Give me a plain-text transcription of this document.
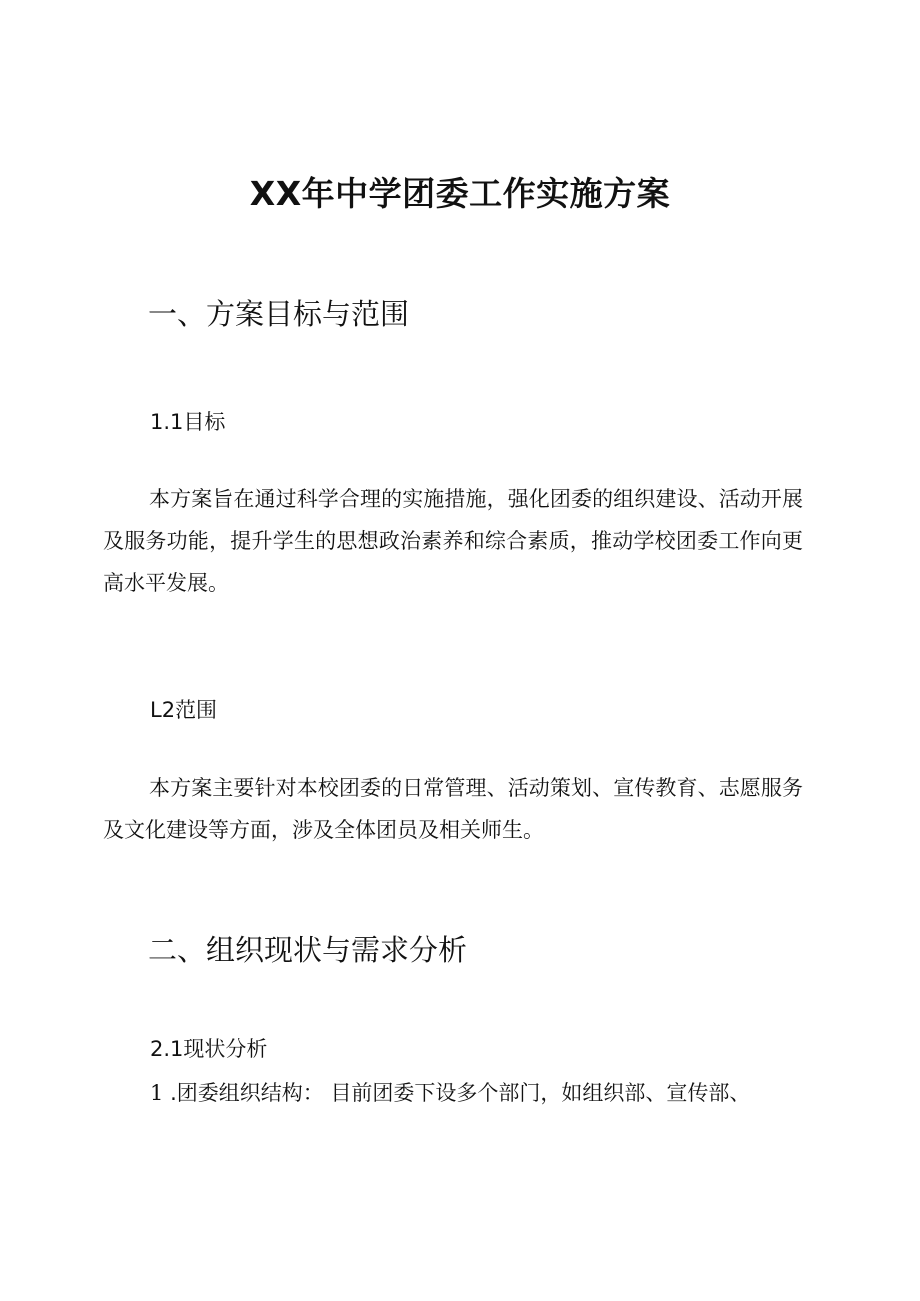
XX年中学团委工作实施方案
一、方案目标与范围
1.1目标

本方案旨在通过科学合理的实施措施，强化团委的组织建设、活动开展及服务功能，提升学生的思想政治素养和综合素质，推动学校团委工作向更高水平发展。

L2范围

本方案主要针对本校团委的日常管理、活动策划、宣传教育、志愿服务及文化建设等方面，涉及全体团员及相关师生。

二、组织现状与需求分析
2.1现状分析
1 .团委组织结构： 目前团委下设多个部门，如组织部、宣传部、
